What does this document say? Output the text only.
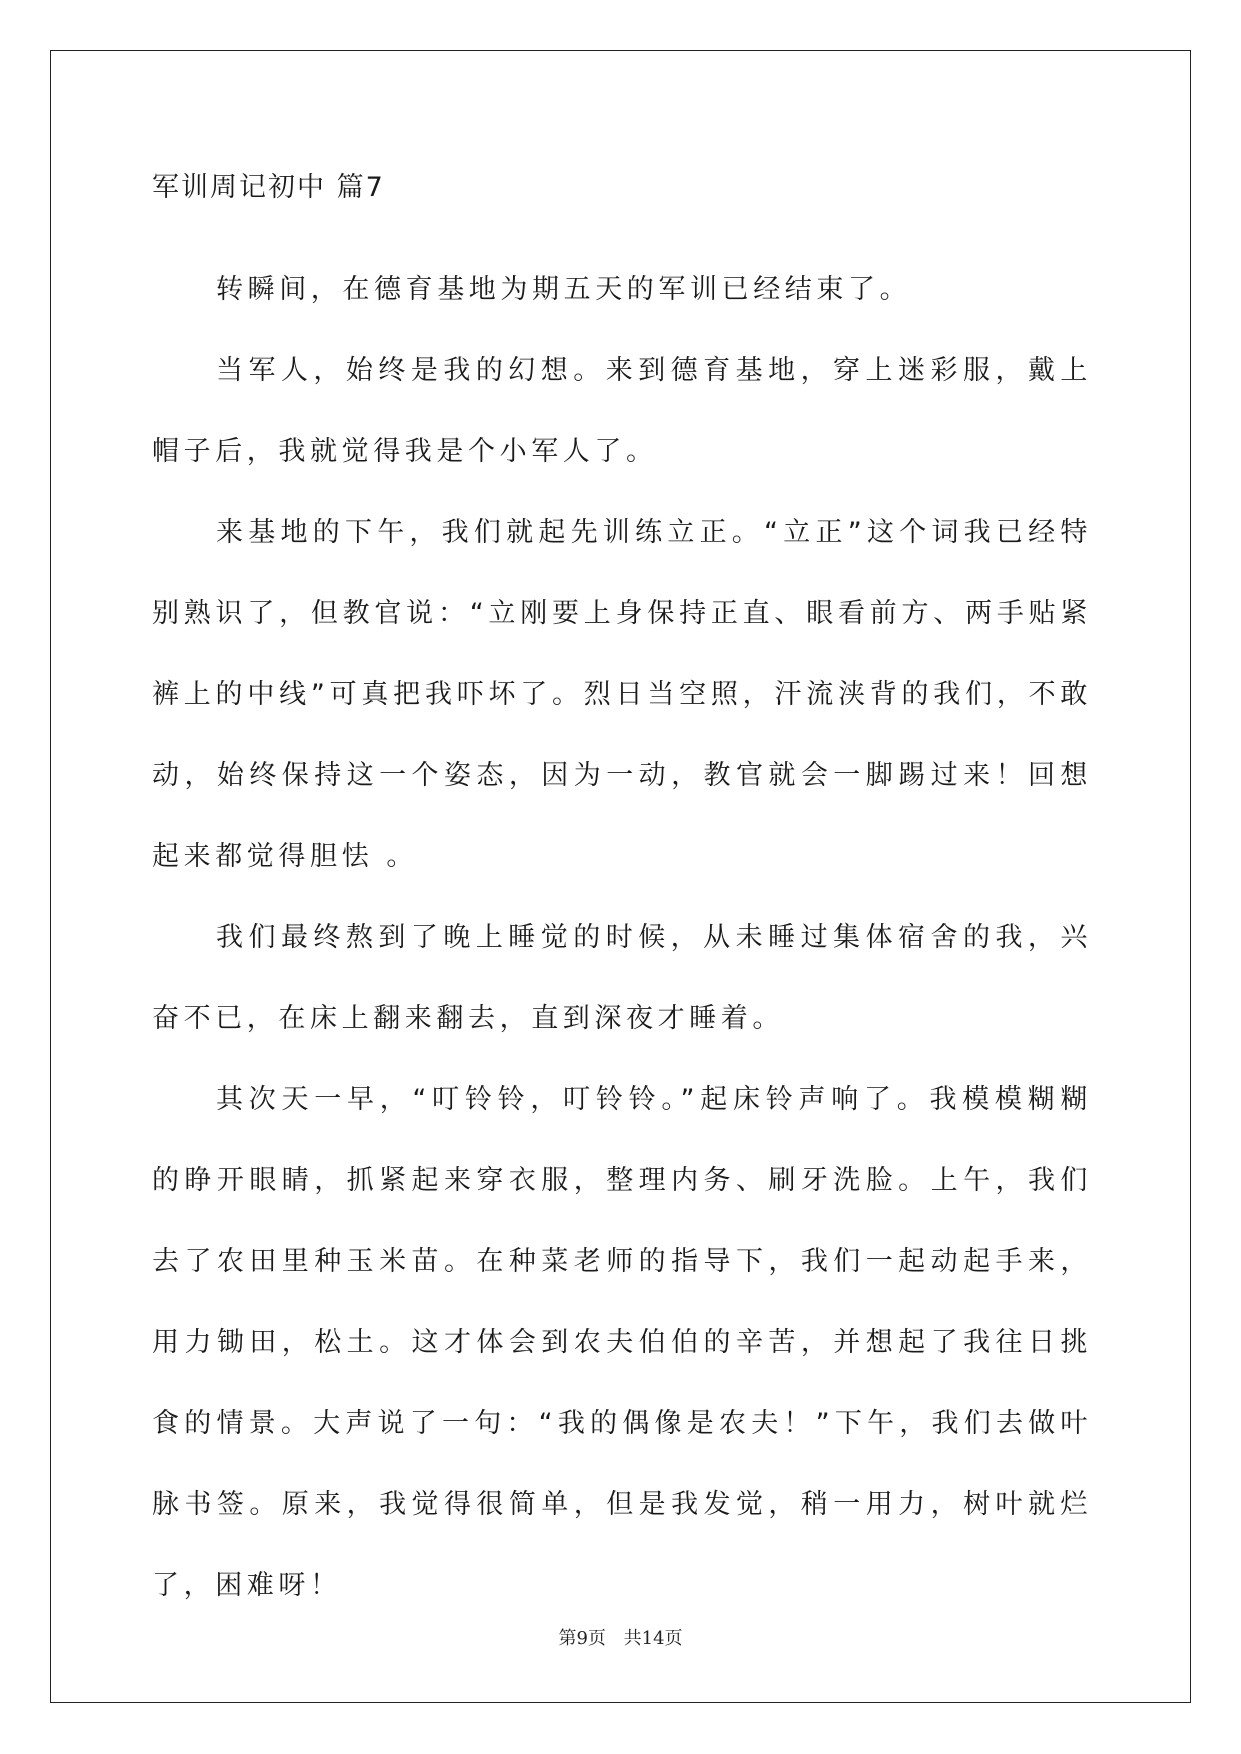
军训周记初中 篇7

转瞬间，在德育基地为期五天的军训已经结束了。

当军人，始终是我的幻想。来到德育基地，穿上迷彩服，戴上帽子后，我就觉得我是个小军人了。

来基地的下午，我们就起先训练立正。“立正”这个词我已经特别熟识了，但教官说：“立刚要上身保持正直、眼看前方、两手贴紧裤上的中线”可真把我吓坏了。烈日当空照，汗流浃背的我们，不敢动，始终保持这一个姿态，因为一动，教官就会一脚踢过来！回想起来都觉得胆怯 。

我们最终熬到了晚上睡觉的时候，从未睡过集体宿舍的我，兴奋不已，在床上翻来翻去，直到深夜才睡着。

其次天一早，“叮铃铃，叮铃铃。”起床铃声响了。我模模糊糊的睁开眼睛，抓紧起来穿衣服，整理内务、刷牙洗脸。上午，我们去了农田里种玉米苗。在种菜老师的指导下，我们一起动起手来，用力锄田，松土。这才体会到农夫伯伯的辛苦，并想起了我往日挑食的情景。大声说了一句：“我的偶像是农夫！”下午，我们去做叶脉书签。原来，我觉得很简单，但是我发觉，稍一用力，树叶就烂了，困难呀！

第9页 共14页
